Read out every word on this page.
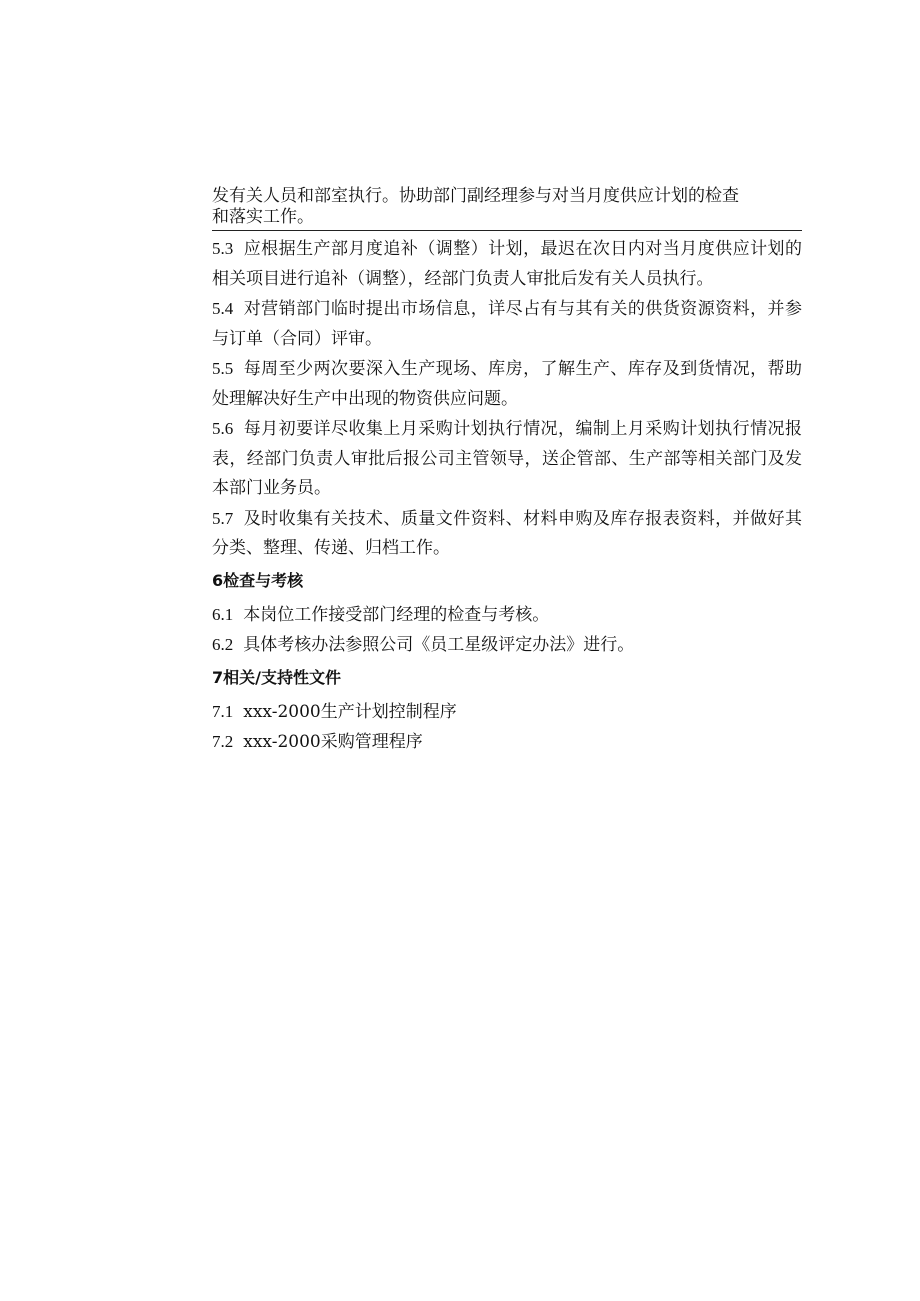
发有关人员和部室执行。协助部门副经理参与对当月度供应计划的检查
和落实工作。

5.3 应根据生产部月度追补（调整）计划，最迟在次日内对当月度供应计划的相关项目进行追补（调整），经部门负责人审批后发有关人员执行。

5.4 对营销部门临时提出市场信息，详尽占有与其有关的供货资源资料，并参与订单（合同）评审。

5.5 每周至少两次要深入生产现场、库房，了解生产、库存及到货情况，帮助处理解决好生产中出现的物资供应问题。

5.6 每月初要详尽收集上月采购计划执行情况，编制上月采购计划执行情况报表，经部门负责人审批后报公司主管领导，送企管部、生产部等相关部门及发本部门业务员。

5.7 及时收集有关技术、质量文件资料、材料申购及库存报表资料，并做好其分类、整理、传递、归档工作。

6检查与考核

6.1 本岗位工作接受部门经理的检查与考核。

6.2 具体考核办法参照公司《员工星级评定办法》进行。

7相关/支持性文件

7.1 xxx-2000生产计划控制程序

7.2 xxx-2000采购管理程序
